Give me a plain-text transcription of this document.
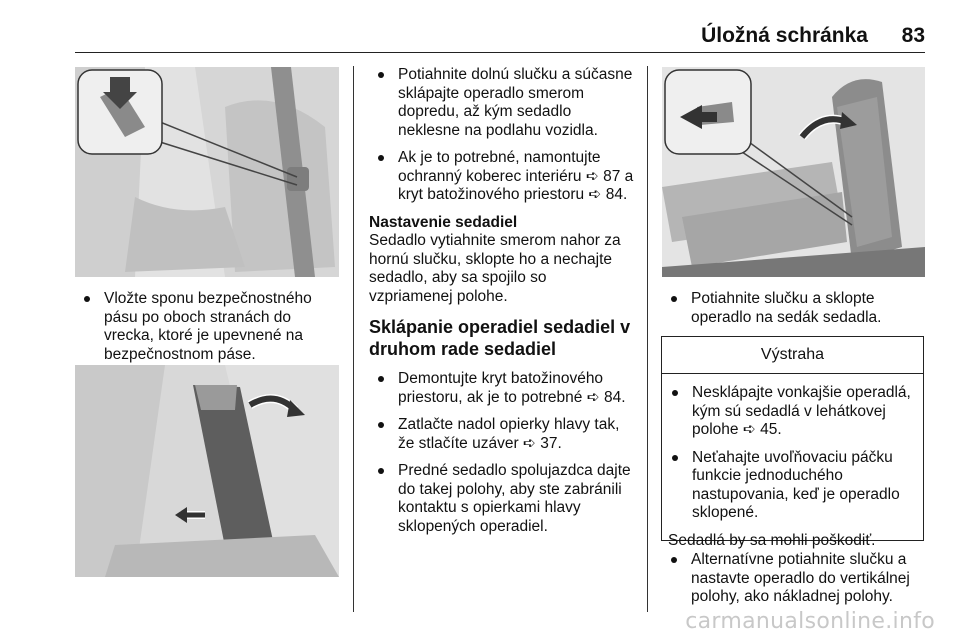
Úložná schránka 83
Vložte sponu bezpečnostného pásu po oboch stranách do vrecka, ktoré je upevnené na bezpečnostnom páse.
Potiahnite dolnú slučku a súčasne sklápajte operadlo smerom dopredu, až kým sedadlo neklesne na podlahu vozidla.
Ak je to potrebné, namontujte ochranný koberec interiéru ➪ 87 a kryt batožinového priestoru ➪ 84.

Nastavenie sedadiel

Sedadlo vytiahnite smerom nahor za hornú slučku, sklopte ho a nechajte sedadlo, aby sa spojilo so vzpriamenej polohe.

Sklápanie operadiel sedadiel v druhom rade sedadiel

Demontujte kryt batožinového priestoru, ak je to potrebné ➪ 84.
Zatlačte nadol opierky hlavy tak, že stlačíte uzáver ➪ 37.
Predné sedadlo spolujazdca dajte do takej polohy, aby ste zabránili kontaktu s opierkami hlavy sklopených operadiel.
Potiahnite slučku a sklopte operadlo na sedák sedadla.
Výstraha
Nesklápajte vonkajšie operadlá, kým sú sedadlá v lehátkovej polohe ➪ 45.
Neťahajte uvoľňovaciu páčku funkcie jednoduchého nastupovania, keď je operadlo sklopené.
Sedadlá by sa mohli poškodiť.
Alternatívne potiahnite slučku a nastavte operadlo do vertikálnej polohy, ako nákladnej polohy.
carmanualsonline.info
